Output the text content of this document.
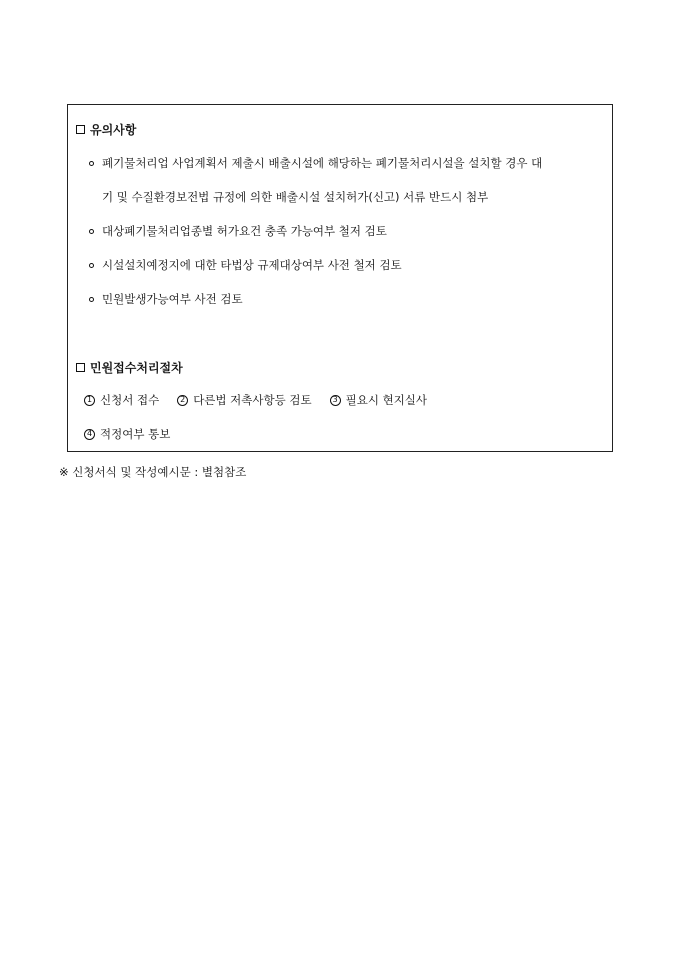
유의사항
폐기물처리업 사업계획서 제출시 배출시설에 해당하는 폐기물처리시설을 설치할 경우 대
기 및 수질환경보전법 규정에 의한 배출시설 설치허가(신고) 서류 반드시 첨부
대상폐기물처리업종별 허가요건 충족 가능여부 철저 검토
시설설치예정지에 대한 타법상 규제대상여부 사전 철저 검토
민원발생가능여부 사전 검토
민원접수처리절차
1 신청서 접수	2 다른법 저촉사항등 검토	3 필요시 현지실사
4 적정여부 통보
※ 신청서식 및 작성예시문 : 별첨참조
